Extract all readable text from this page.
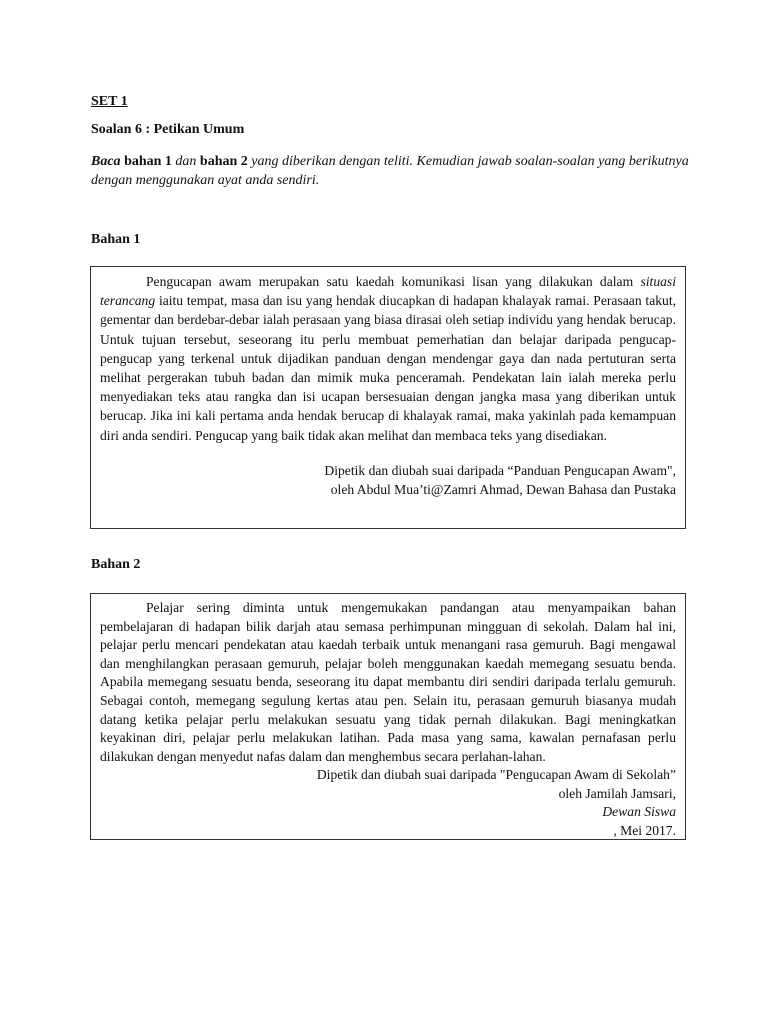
SET 1
Soalan 6 : Petikan Umum
Baca bahan 1 dan bahan 2 yang diberikan dengan teliti. Kemudian jawab soalan-soalan yang berikutnya dengan menggunakan ayat anda sendiri.
Bahan 1

Pengucapan awam merupakan satu kaedah komunikasi lisan yang dilakukan dalam situasi terancang iaitu tempat, masa dan isu yang hendak diucapkan di hadapan khalayak ramai. Perasaan takut, gementar dan berdebar-debar ialah perasaan yang biasa dirasai oleh setiap individu yang hendak berucap. Untuk tujuan tersebut, seseorang itu perlu membuat pemerhatian dan belajar daripada pengucap-pengucap yang terkenal untuk dijadikan panduan dengan mendengar gaya dan nada pertuturan serta melihat pergerakan tubuh badan dan mimik muka penceramah. Pendekatan lain ialah mereka perlu menyediakan teks atau rangka dan isi ucapan bersesuaian dengan jangka masa yang diberikan untuk berucap. Jika ini kali pertama anda hendak berucap di khalayak ramai, maka yakinlah pada kemampuan diri anda sendiri. Pengucap yang baik tidak akan melihat dan membaca teks yang disediakan.

Dipetik dan diubah suai daripada “Panduan Pengucapan Awam",
oleh Abdul Mua’ti@Zamri Ahmad, Dewan Bahasa dan Pustaka

Bahan 2

Pelajar sering diminta untuk mengemukakan pandangan atau menyampaikan bahan pembelajaran di hadapan bilik darjah atau semasa perhimpunan mingguan di sekolah. Dalam hal ini, pelajar perlu mencari pendekatan atau kaedah terbaik untuk menangani rasa gemuruh. Bagi mengawal dan menghilangkan perasaan gemuruh, pelajar boleh menggunakan kaedah memegang sesuatu benda. Apabila memegang sesuatu benda, seseorang itu dapat membantu diri sendiri daripada terlalu gemuruh. Sebagai contoh, memegang segulung kertas atau pen. Selain itu, perasaan gemuruh biasanya mudah datang ketika pelajar perlu melakukan sesuatu yang tidak pernah dilakukan. Bagi meningkatkan keyakinan diri, pelajar perlu melakukan latihan. Pada masa yang sama, kawalan pernafasan perlu dilakukan dengan menyedut nafas dalam dan menghembus secara perlahan-lahan.

Dipetik dan diubah suai daripada "Pengucapan Awam di Sekolah”
oleh Jamilah Jamsari,
Dewan Siswa
, Mei 2017.
